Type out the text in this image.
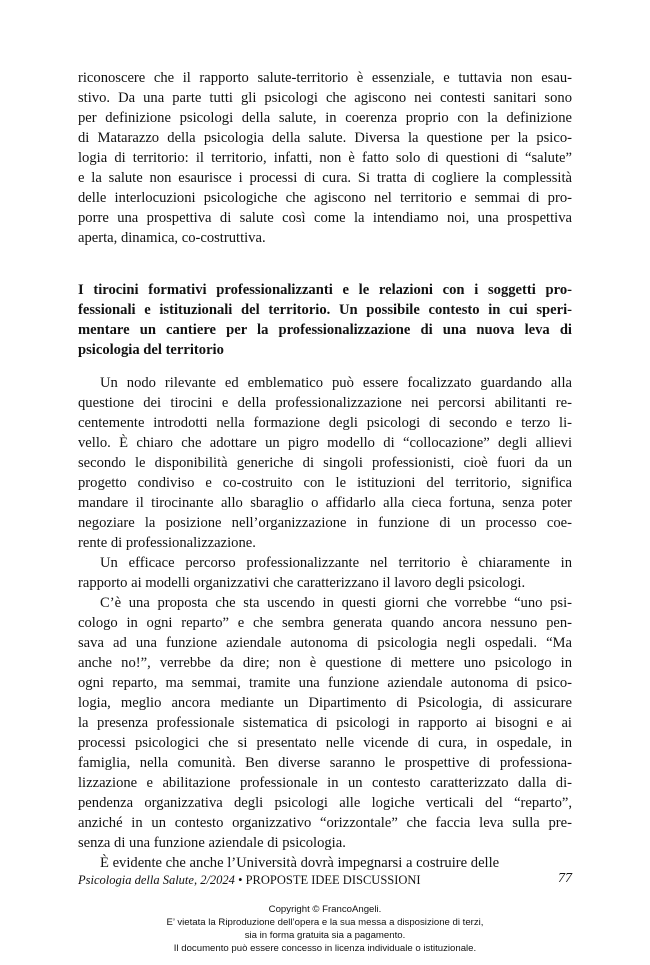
riconoscere che il rapporto salute-territorio è essenziale, e tuttavia non esau-
stivo. Da una parte tutti gli psicologi che agiscono nei contesti sanitari sono
per definizione psicologi della salute, in coerenza proprio con la definizione
di Matarazzo della psicologia della salute. Diversa la questione per la psico-
logia di territorio: il territorio, infatti, non è fatto solo di questioni di “salute”
e la salute non esaurisce i processi di cura. Si tratta di cogliere la complessità
delle interlocuzioni psicologiche che agiscono nel territorio e semmai di pro-
porre una prospettiva di salute così come la intendiamo noi, una prospettiva
aperta, dinamica, co-costruttiva.
I tirocini formativi professionalizzanti e le relazioni con i soggetti pro-
fessionali e istituzionali del territorio. Un possibile contesto in cui speri-
mentare un cantiere per la professionalizzazione di una nuova leva di
psicologia del territorio
Un nodo rilevante ed emblematico può essere focalizzato guardando alla
questione dei tirocini e della professionalizzazione nei percorsi abilitanti re-
centemente introdotti nella formazione degli psicologi di secondo e terzo li-
vello. È chiaro che adottare un pigro modello di “collocazione” degli allievi
secondo le disponibilità generiche di singoli professionisti, cioè fuori da un
progetto condiviso e co-costruito con le istituzioni del territorio, significa
mandare il tirocinante allo sbaraglio o affidarlo alla cieca fortuna, senza poter
negoziare la posizione nell’organizzazione in funzione di un processo coe-
rente di professionalizzazione.
Un efficace percorso professionalizzante nel territorio è chiaramente in
rapporto ai modelli organizzativi che caratterizzano il lavoro degli psicologi.
C’è una proposta che sta uscendo in questi giorni che vorrebbe “uno psi-
cologo in ogni reparto” e che sembra generata quando ancora nessuno pen-
sava ad una funzione aziendale autonoma di psicologia negli ospedali. “Ma
anche no!”, verrebbe da dire; non è questione di mettere uno psicologo in
ogni reparto, ma semmai, tramite una funzione aziendale autonoma di psico-
logia, meglio ancora mediante un Dipartimento di Psicologia, di assicurare
la presenza professionale sistematica di psicologi in rapporto ai bisogni e ai
processi psicologici che si presentato nelle vicende di cura, in ospedale, in
famiglia, nella comunità. Ben diverse saranno le prospettive di professiona-
lizzazione e abilitazione professionale in un contesto caratterizzato dalla di-
pendenza organizzativa degli psicologi alle logiche verticali del “reparto”,
anziché in un contesto organizzativo “orizzontale” che faccia leva sulla pre-
senza di una funzione aziendale di psicologia.
È evidente che anche l’Università dovrà impegnarsi a costruire delle
Psicologia della Salute, 2/2024 • PROPOSTE IDEE DISCUSSIONI	77
Copyright © FrancoAngeli.
E’ vietata la Riproduzione dell’opera e la sua messa a disposizione di terzi,
sia in forma gratuita sia a pagamento.
Il documento può essere concesso in licenza individuale o istituzionale.
